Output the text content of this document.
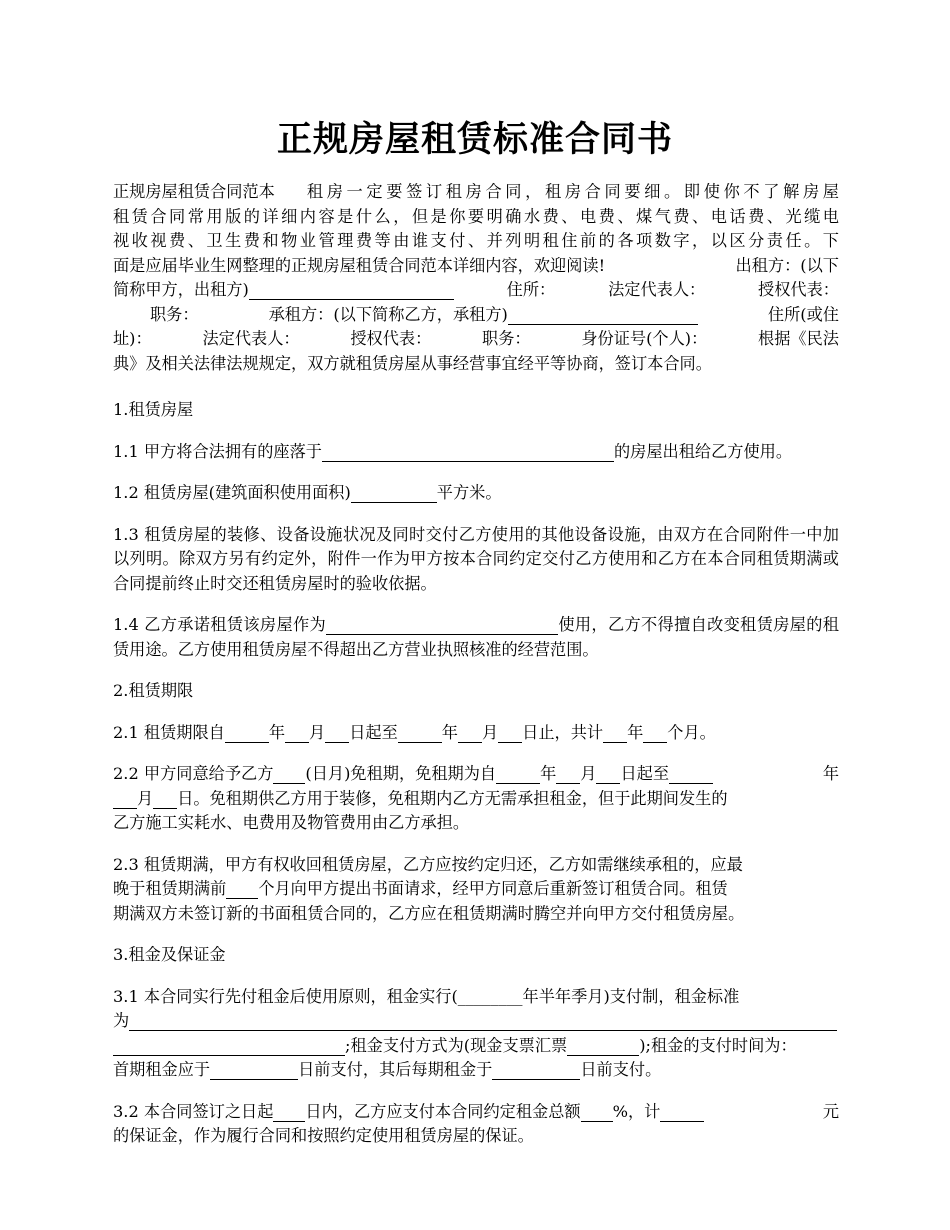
正规房屋租赁标准合同书
正规房屋租赁合同范本 租房一定要签订租房合同，租房合同要细。即使你不了解房屋
租赁合同常用版的详细内容是什么，但是你要明确水费、电费、煤气费、电话费、光缆电
视收视费、卫生费和物业管理费等由谁支付、并列明租住前的各项数字，以区分责任。下
面是应届毕业生网整理的正规房屋租赁合同范本详细内容，欢迎阅读!	出租方：(以下
简称甲方，出租方)	住所：	法定代表人：	授权代表：
职务：	承租方：(以下简称乙方，承租方)	住所(或住
址)：	法定代表人：	授权代表：	职务：	身份证号(个人)：	根据《民法
典》及相关法律法规规定，双方就租赁房屋从事经营事宜经平等协商，签订本合同。

1.租赁房屋

1.1 甲方将合法拥有的座落于	的房屋出租给乙方使用。

1.2 租赁房屋(建筑面积使用面积)	平方米。

1.3 租赁房屋的装修、设备设施状况及同时交付乙方使用的其他设备设施，由双方在合同附件一中加以列明。除双方另有约定外，附件一作为甲方按本合同约定交付乙方使用和乙方在本合同租赁期满或合同提前终止时交还租赁房屋时的验收依据。

1.4 乙方承诺租赁该房屋作为	使用，乙方不得擅自改变租赁房屋的租赁用途。乙方使用租赁房屋不得超出乙方营业执照核准的经营范围。

2.租赁期限

2.1 租赁期限自	年 月 日起至	年 月 日止，共计 年 个月。

2.2 甲方同意给予乙方 (日月)免租期，免租期为自	年 月 日起至	年
月 日。免租期供乙方用于装修，免租期内乙方无需承担租金，但于此期间发生的
乙方施工实耗水、电费用及物管费用由乙方承担。
2.3 租赁期满，甲方有权收回租赁房屋，乙方应按约定归还，乙方如需继续承租的，应最
晚于租赁期满前 个月向甲方提出书面请求，经甲方同意后重新签订租赁合同。租赁
期满双方未签订新的书面租赁合同的，乙方应在租赁期满时腾空并向甲方交付租赁房屋。

3.租金及保证金

3.1 本合同实行先付租金后使用原则，租金实行(________年半年季月)支付制，租金标准
为
;租金支付方式为(现金支票汇票	);租金的支付时间为：
首期租金应于	日前支付，其后每期租金于	日前支付。
3.2 本合同签订之日起 日内，乙方应支付本合同约定租金总额 %，计	元
的保证金，作为履行合同和按照约定使用租赁房屋的保证。
